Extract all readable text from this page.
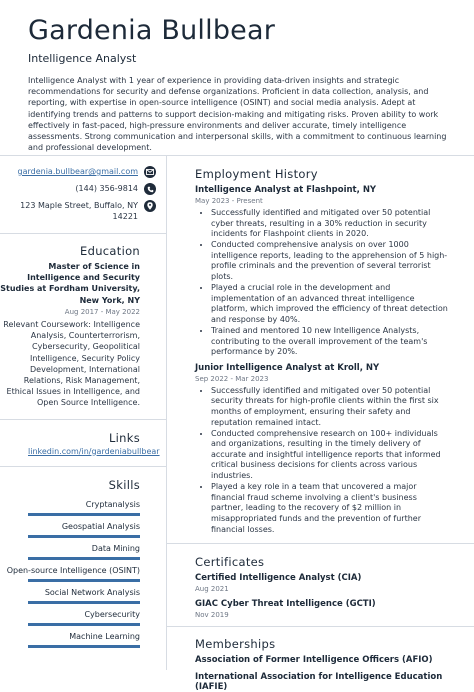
Gardenia Bullbear
Intelligence Analyst
Intelligence Analyst with 1 year of experience in providing data-driven insights and strategic recommendations for security and defense organizations. Proficient in data collection, analysis, and reporting, with expertise in open-source intelligence (OSINT) and social media analysis. Adept at identifying trends and patterns to support decision-making and mitigating risks. Proven ability to work effectively in fast-paced, high-pressure environments and deliver accurate, timely intelligence assessments. Strong communication and interpersonal skills, with a commitment to continuous learning and professional development.
gardenia.bullbear@gmail.com
(144) 356-9814
123 Maple Street, Buffalo, NY
14221
Education
Master of Science in Intelligence and Security Studies at Fordham University, New York, NY
Aug 2017 - May 2022
Relevant Coursework: Intelligence Analysis, Counterterrorism, Cybersecurity, Geopolitical Intelligence, Security Policy Development, International Relations, Risk Management, Ethical Issues in Intelligence, and Open Source Intelligence.
Links
linkedin.com/in/gardeniabullbear
Skills
Cryptanalysis
Geospatial Analysis
Data Mining
Open-source Intelligence (OSINT)
Social Network Analysis
Cybersecurity
Machine Learning
Employment History
Intelligence Analyst at Flashpoint, NY
May 2023 - Present
• Successfully identified and mitigated over 50 potential cyber threats, resulting in a 30% reduction in security incidents for Flashpoint clients in 2020.
• Conducted comprehensive analysis on over 1000 intelligence reports, leading to the apprehension of 5 high-profile criminals and the prevention of several terrorist plots.
• Played a crucial role in the development and implementation of an advanced threat intelligence platform, which improved the efficiency of threat detection and response by 40%.
• Trained and mentored 10 new Intelligence Analysts, contributing to the overall improvement of the team's performance by 20%.
Junior Intelligence Analyst at Kroll, NY
Sep 2022 - Mar 2023
• Successfully identified and mitigated over 50 potential security threats for high-profile clients within the first six months of employment, ensuring their safety and reputation remained intact.
• Conducted comprehensive research on 100+ individuals and organizations, resulting in the timely delivery of accurate and insightful intelligence reports that informed critical business decisions for clients across various industries.
• Played a key role in a team that uncovered a major financial fraud scheme involving a client's business partner, leading to the recovery of $2 million in misappropriated funds and the prevention of further financial losses.
Certificates
Certified Intelligence Analyst (CIA)
Aug 2021
GIAC Cyber Threat Intelligence (GCTI)
Nov 2019
Memberships
Association of Former Intelligence Officers (AFIO)
International Association for Intelligence Education (IAFIE)
